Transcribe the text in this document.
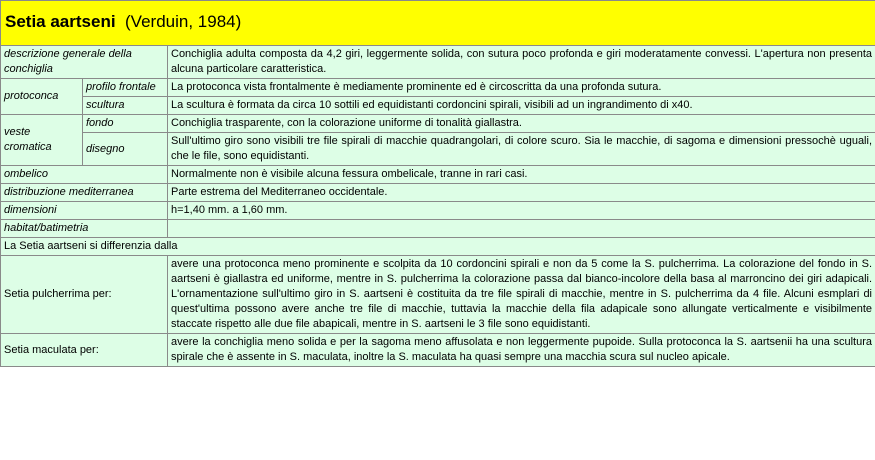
Setia aartseni (Verduin, 1984)		
descrizione generale della conchiglia		Conchiglia adulta composta da 4,2 giri, leggermente solida, con sutura poco profonda e giri moderatamente convessi. L'apertura non presenta alcuna particolare caratteristica.
protoconca	profilo frontale	La protoconca vista frontalmente è mediamente prominente ed è circoscritta da una profonda sutura.
	scultura	La scultura è formata da circa 10 sottili ed equidistanti cordoncini spirali, visibili ad un ingrandimento di x40.
veste cromatica	fondo	Conchiglia trasparente, con la colorazione uniforme di tonalità giallastra.
	disegno	Sull'ultimo giro sono visibili tre file spirali di macchie quadrangolari, di colore scuro. Sia le macchie, di sagoma e dimensioni pressochè uguali, che le file, sono equidistanti.
ombelico		Normalmente non è visibile alcuna fessura ombelicale, tranne in rari casi.
distribuzione mediterranea		Parte estrema del Mediterraneo occidentale.
dimensioni		h=1,40 mm. a 1,60 mm.
habitat/batimetria		
La Setia aartseni si differenzia dalla		
Setia pulcherrima per:		avere una protoconca meno prominente e scolpita da 10 cordoncini spirali e non da 5 come la S. pulcherrima. La colorazione del fondo in S. aartseni è giallastra ed uniforme, mentre in S. pulcherrima la colorazione passa dal bianco-incolore della basa al marroncino dei giri adapicali. L'ornamentazione sull'ultimo giro in S. aartseni è costituita da tre file spirali di macchie, mentre in S. pulcherrima da 4 file. Alcuni esmplari di quest'ultima possono avere anche tre file di macchie, tuttavia la macchie della fila adapicale sono allungate verticalmente e visibilmente staccate rispetto alle due file abapicali, mentre in S. aartseni le 3 file sono equidistanti.
Setia maculata per:		avere la conchiglia meno solida e per la sagoma meno affusolata e non leggermente pupoide. Sulla protoconca la S. aartsenii ha una scultura spirale che è assente in S. maculata, inoltre la S. maculata ha quasi sempre una macchia scura sul nucleo apicale.
